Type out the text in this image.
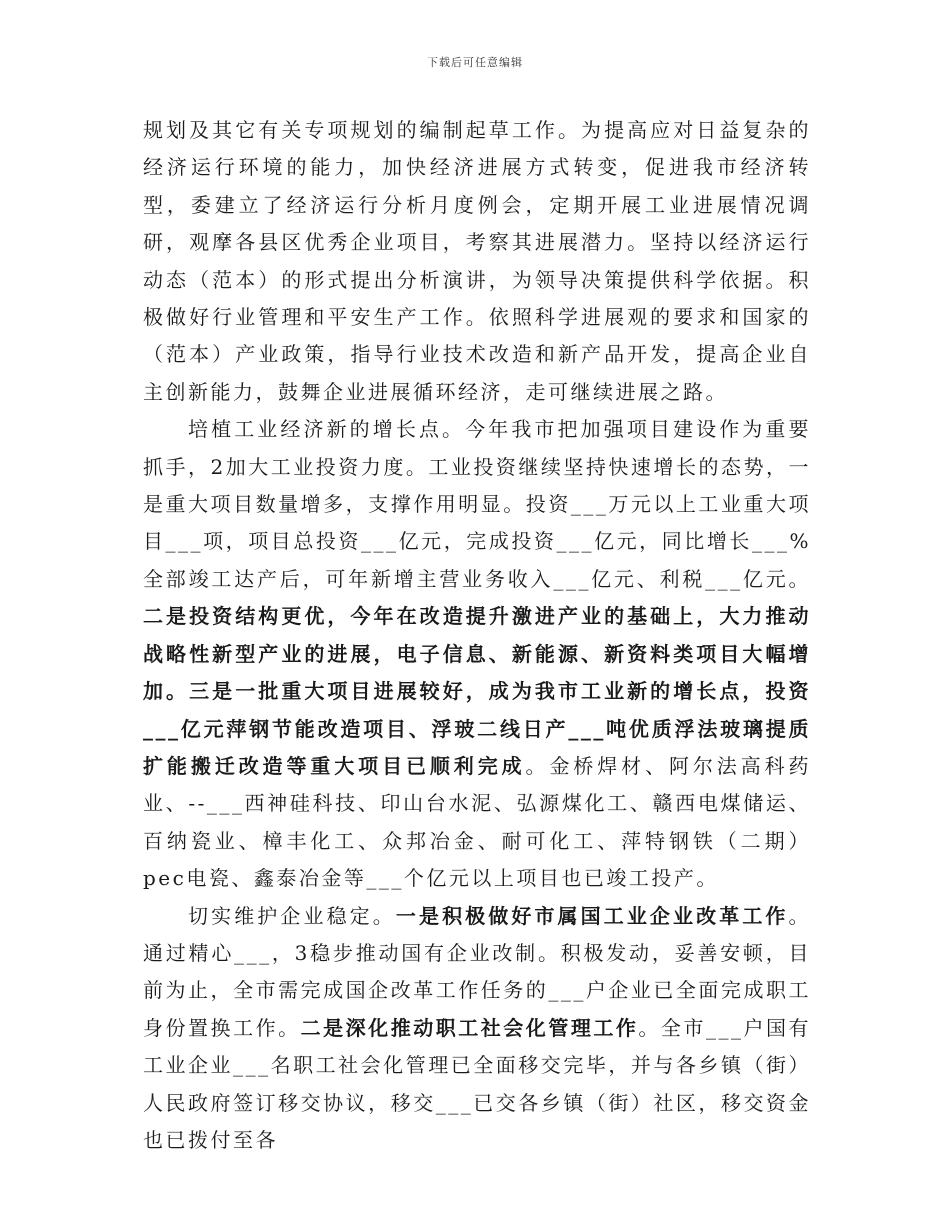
下载后可任意编辑

规划及其它有关专项规划的编制起草工作。为提高应对日益复杂的经济运行环境的能力，加快经济进展方式转变，促进我市经济转型，委建立了经济运行分析月度例会，定期开展工业进展情况调研，观摩各县区优秀企业项目，考察其进展潜力。坚持以经济运行动态（范本）的形式提出分析演讲，为领导决策提供科学依据。积极做好行业管理和平安生产工作。依照科学进展观的要求和国家的（范本）产业政策，指导行业技术改造和新产品开发，提高企业自主创新能力，鼓舞企业进展循环经济，走可继续进展之路。

培植工业经济新的增长点。今年我市把加强项目建设作为重要抓手，2加大工业投资力度。工业投资继续坚持快速增长的态势，一是重大项目数量增多，支撑作用明显。投资___万元以上工业重大项目___项，项目总投资___亿元，完成投资___亿元，同比增长___%全部竣工达产后，可年新增主营业务收入___亿元、利税___亿元。二是投资结构更优，今年在改造提升激进产业的基础上，大力推动战略性新型产业的进展，电子信息、新能源、新资料类项目大幅增加。三是一批重大项目进展较好，成为我市工业新的增长点，投资___亿元萍钢节能改造项目、浮玻二线日产___吨优质浮法玻璃提质扩能搬迁改造等重大项目已顺利完成。金桥焊材、阿尔法高科药业、--___西神硅科技、印山台水泥、弘源煤化工、赣西电煤储运、百纳瓷业、樟丰化工、众邦冶金、耐可化工、萍特钢铁（二期）pec电瓷、鑫泰冶金等___个亿元以上项目也已竣工投产。

切实维护企业稳定。一是积极做好市属国工业企业改革工作。通过精心___，3稳步推动国有企业改制。积极发动，妥善安顿，目前为止，全市需完成国企改革工作任务的___户企业已全面完成职工身份置换工作。二是深化推动职工社会化管理工作。全市___户国有工业企业___名职工社会化管理已全面移交完毕，并与各乡镇（街）人民政府签订移交协议，移交___已交各乡镇（街）社区，移交资金也已拨付至各
